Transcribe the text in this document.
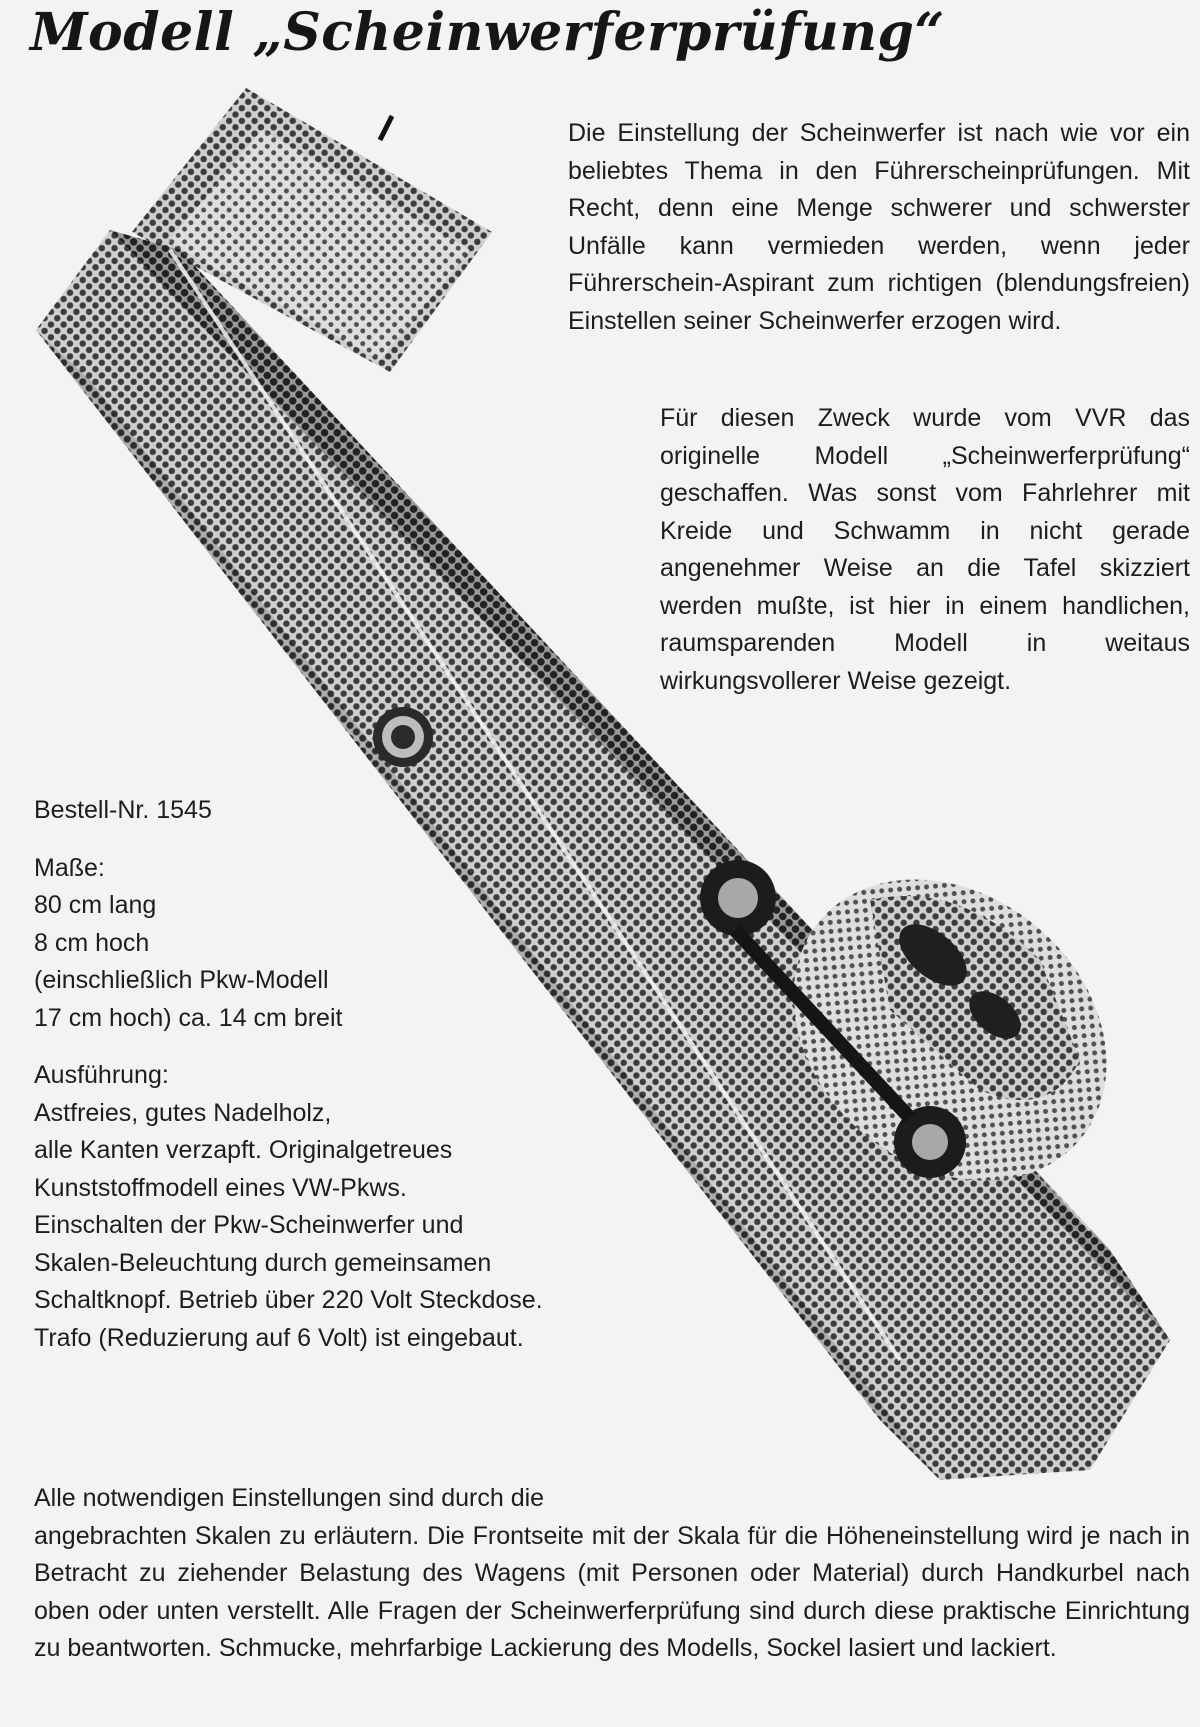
Modell „Scheinwerferprüfung“

Die Einstellung der Scheinwerfer ist nach wie vor ein beliebtes Thema in den Führerscheinprüfungen. Mit Recht, denn eine Menge schwerer und schwerster Unfälle kann vermieden werden, wenn jeder Führerschein-Aspirant zum richtigen (blendungsfreien) Einstellen seiner Scheinwerfer erzogen wird.

Für diesen Zweck wurde vom VVR das originelle Modell „Scheinwerferprüfung“ geschaffen. Was sonst vom Fahrlehrer mit Kreide und Schwamm in nicht gerade angenehmer Weise an die Tafel skizziert werden mußte, ist hier in einem handlichen, raumsparenden Modell in weitaus wirkungsvollerer Weise gezeigt.

Bestell-Nr. 1545

Maße:

80 cm lang

8 cm hoch

(einschließlich Pkw-Modell

17 cm hoch) ca. 14 cm breit

Ausführung:

Astfreies, gutes Nadelholz,

alle Kanten verzapft. Originalgetreues

Kunststoffmodell eines VW-Pkws.

Einschalten der Pkw-Scheinwerfer und

Skalen-Beleuchtung durch gemeinsamen

Schaltknopf. Betrieb über 220 Volt Steckdose.

Trafo (Reduzierung auf 6 Volt) ist eingebaut.

Alle notwendigen Einstellungen sind durch die
angebrachten Skalen zu erläutern. Die Frontseite mit der Skala für die Höheneinstellung wird je nach in Betracht zu ziehender Belastung des Wagens (mit Personen oder Material) durch Handkurbel nach oben oder unten verstellt. Alle Fragen der Scheinwerferprüfung sind durch diese praktische Einrichtung zu beantworten. Schmucke, mehrfarbige Lackierung des Modells, Sockel lasiert und lackiert.
